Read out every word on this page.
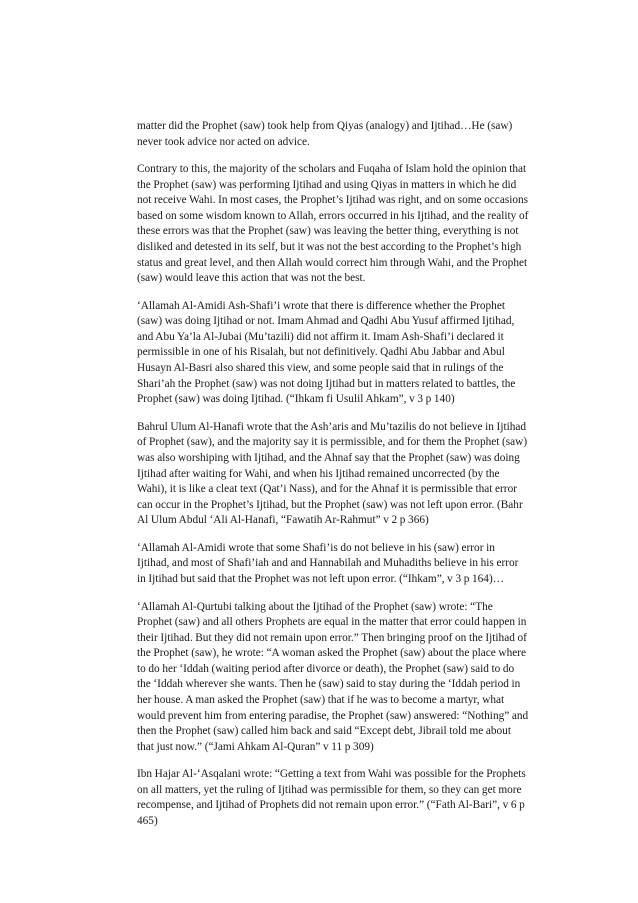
matter did the Prophet (saw) took help from Qiyas (analogy) and Ijtihad…He (saw) never took advice nor acted on advice.

Contrary to this, the majority of the scholars and Fuqaha of Islam hold the opinion that the Prophet (saw) was performing Ijtihad and using Qiyas in matters in which he did not receive Wahi. In most cases, the Prophet’s Ijtihad was right, and on some occasions based on some wisdom known to Allah, errors occurred in his Ijtihad, and the reality of these errors was that the Prophet (saw) was leaving the better thing, everything is not disliked and detested in its self, but it was not the best according to the Prophet’s high status and great level, and then Allah would correct him through Wahi, and the Prophet (saw) would leave this action that was not the best.

‘Allamah Al-Amidi Ash-Shafi’i wrote that there is difference whether the Prophet (saw) was doing Ijtihad or not. Imam Ahmad and Qadhi Abu Yusuf affirmed Ijtihad, and Abu Ya’la Al-Jubai (Mu’tazili) did not affirm it. Imam Ash-Shafi’i declared it permissible in one of his Risalah, but not definitively. Qadhi Abu Jabbar and Abul Husayn Al-Basri also shared this view, and some people said that in rulings of the Shari’ah the Prophet (saw) was not doing Ijtihad but in matters related to battles, the Prophet (saw) was doing Ijtihad. (“Ihkam fi Usulil Ahkam”, v 3 p 140)

Bahrul Ulum Al-Hanafi wrote that the Ash’aris and Mu’tazilis do not believe in Ijtihad of Prophet (saw), and the majority say it is permissible, and for them the Prophet (saw) was also worshiping with Ijtihad, and the Ahnaf say that the Prophet (saw) was doing Ijtihad after waiting for Wahi, and when his Ijtihad remained uncorrected (by the Wahi), it is like a cleat text (Qat’i Nass), and for the Ahnaf it is permissible that error can occur in the Prophet’s Ijtihad, but the Prophet (saw) was not left upon error. (Bahr Al Ulum Abdul ‘Ali Al-Hanafi, “Fawatih Ar-Rahmut” v 2 p 366)

‘Allamah Al-Amidi wrote that some Shafi’is do not believe in his (saw) error in Ijtihad, and most of Shafi’iah and and Hannabilah and Muhadiths believe in his error in Ijtihad but said that the Prophet was not left upon error. (“Ihkam”, v 3 p 164)…

‘Allamah Al-Qurtubi talking about the Ijtihad of the Prophet (saw) wrote: “The Prophet (saw) and all others Prophets are equal in the matter that error could happen in their Ijtihad. But they did not remain upon error.” Then bringing proof on the Ijtihad of the Prophet (saw), he wrote: “A woman asked the Prophet (saw) about the place where to do her ‘Iddah (waiting period after divorce or death), the Prophet (saw) said to do the ‘Iddah wherever she wants. Then he (saw) said to stay during the ‘Iddah period in her house. A man asked the Prophet (saw) that if he was to become a martyr, what would prevent him from entering paradise, the Prophet (saw) answered: “Nothing” and then the Prophet (saw) called him back and said “Except debt, Jibrail told me about that just now.” (“Jami Ahkam Al-Quran” v 11 p 309)

Ibn Hajar Al-‘Asqalani wrote: “Getting a text from Wahi was possible for the Prophets on all matters, yet the ruling of Ijtihad was permissible for them, so they can get more recompense, and Ijtihad of Prophets did not remain upon error.” (“Fath Al-Bari”, v 6 p 465)
